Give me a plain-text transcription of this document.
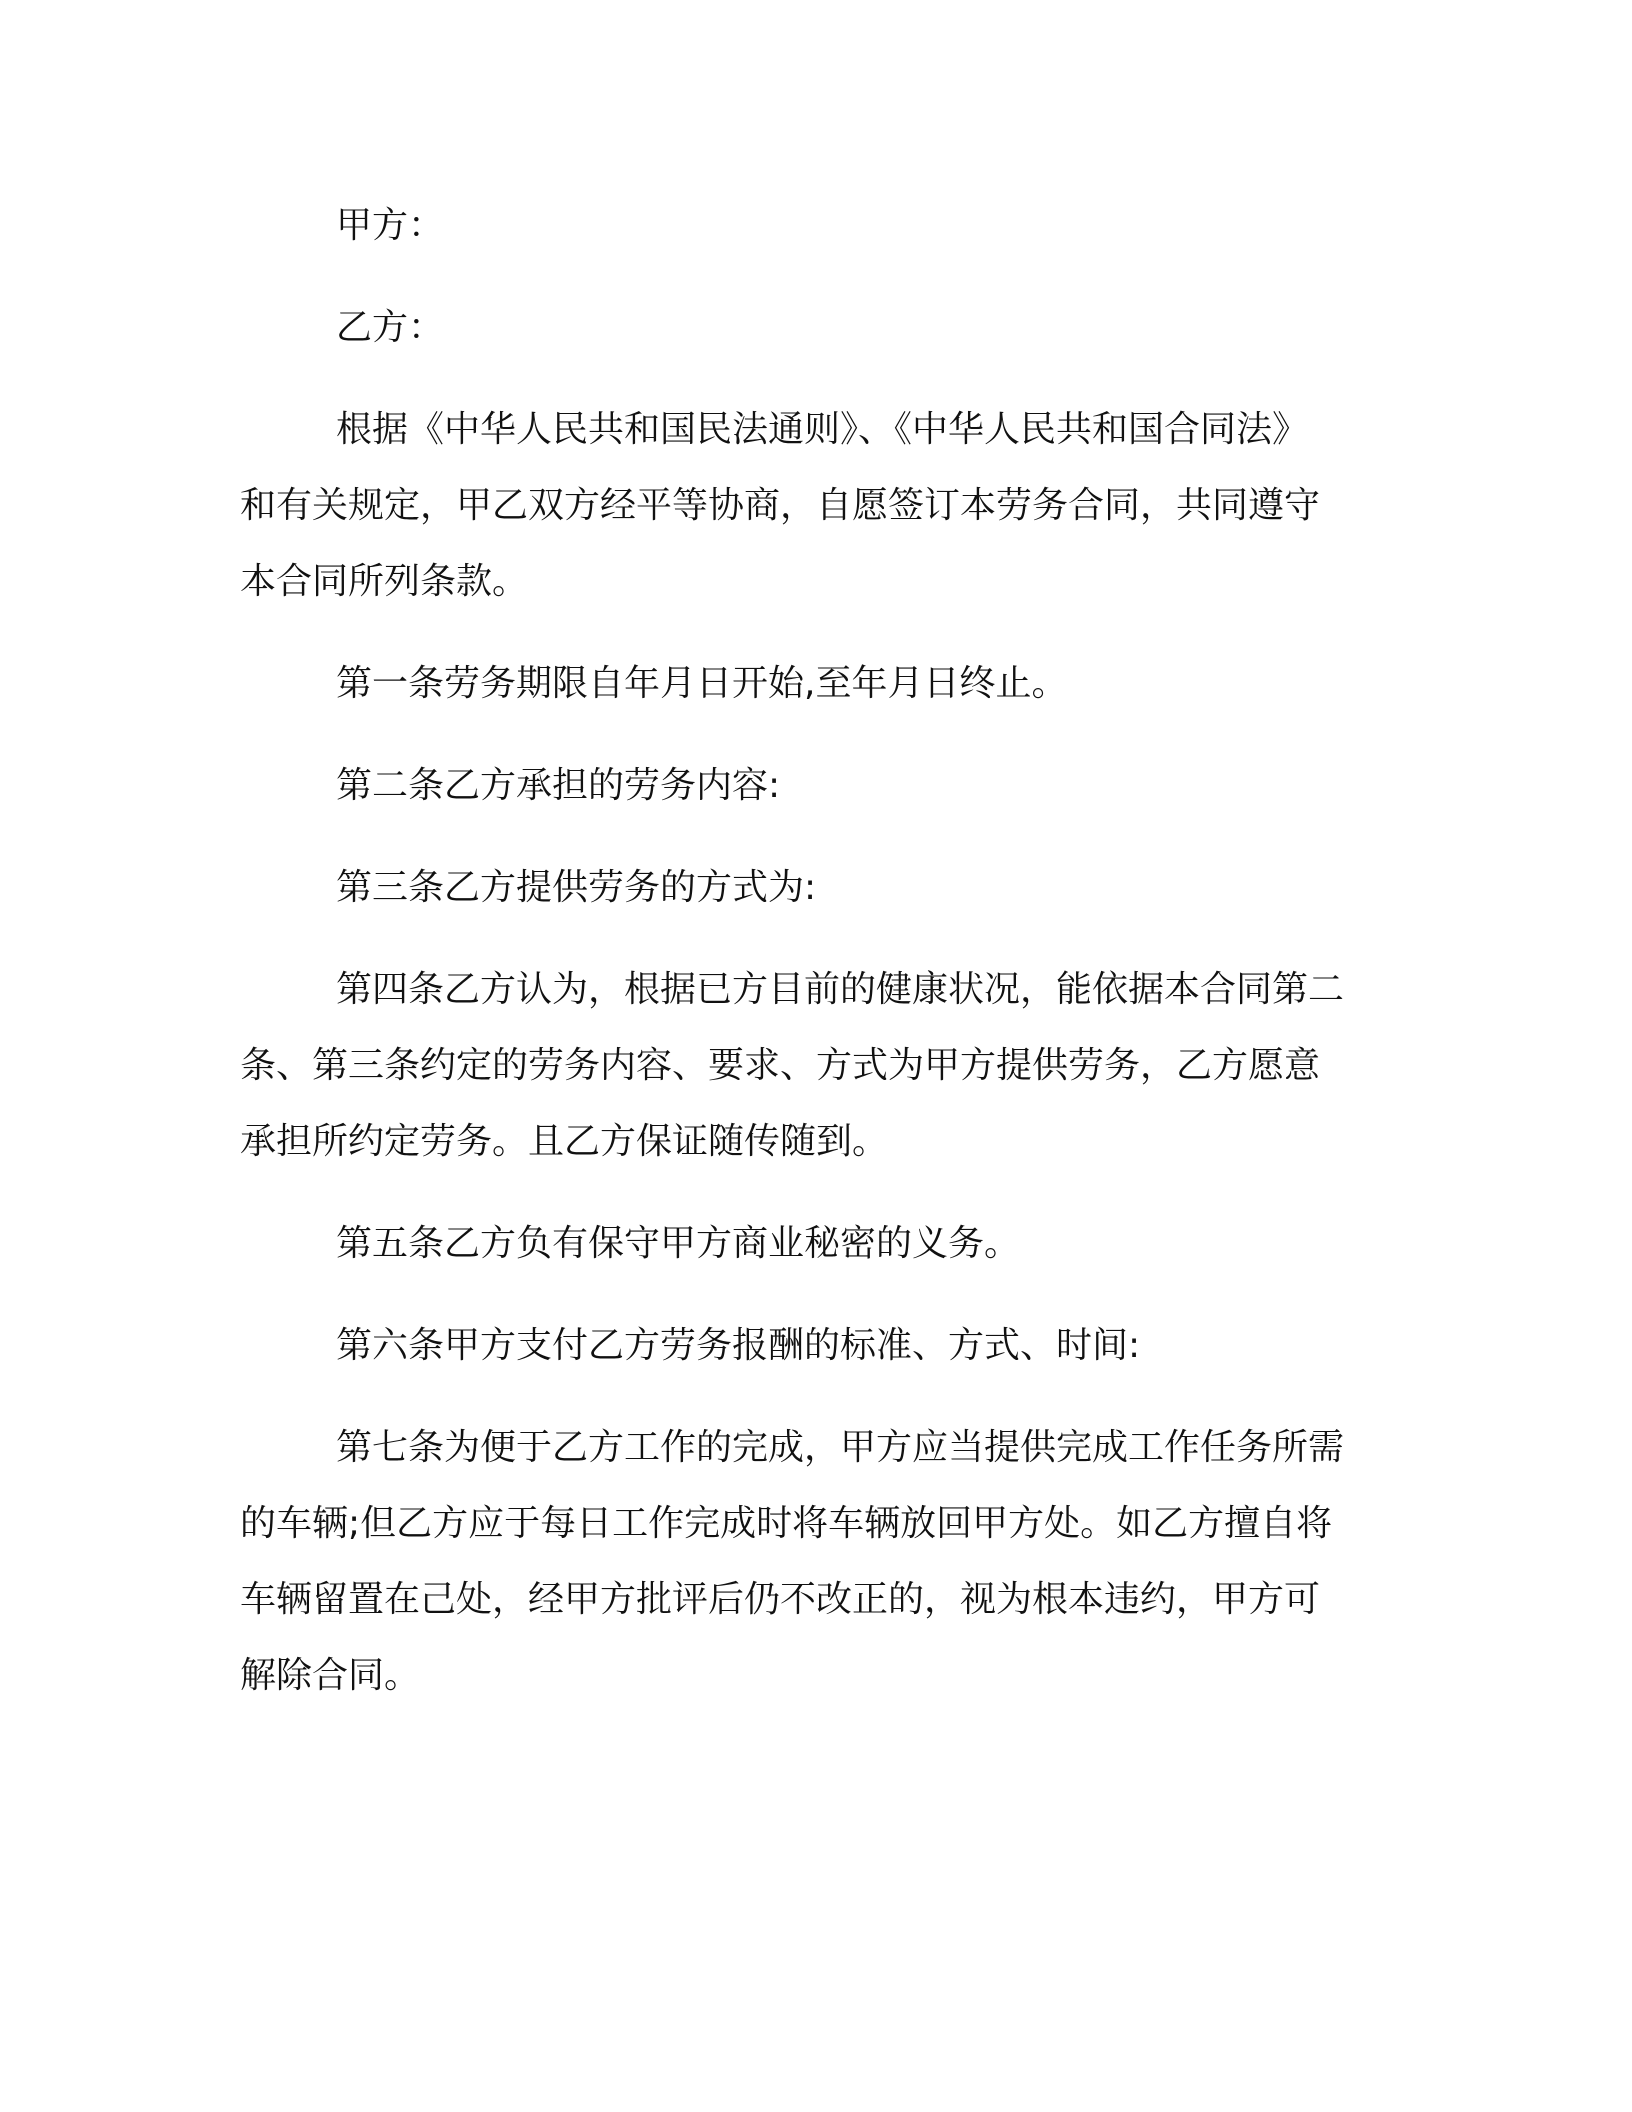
甲方：

乙方：

根据《中华人民共和国民法通则》、《中华人民共和国合同法》
和有关规定，甲乙双方经平等协商，自愿签订本劳务合同，共同遵守
本合同所列条款。

第一条劳务期限自年月日开始,至年月日终止。

第二条乙方承担的劳务内容:

第三条乙方提供劳务的方式为:

第四条乙方认为，根据已方目前的健康状况，能依据本合同第二
条、第三条约定的劳务内容、要求、方式为甲方提供劳务，乙方愿意
承担所约定劳务。且乙方保证随传随到。

第五条乙方负有保守甲方商业秘密的义务。

第六条甲方支付乙方劳务报酬的标准、方式、时间:

第七条为便于乙方工作的完成，甲方应当提供完成工作任务所需
的车辆;但乙方应于每日工作完成时将车辆放回甲方处。如乙方擅自将
车辆留置在己处，经甲方批评后仍不改正的，视为根本违约，甲方可
解除合同。
